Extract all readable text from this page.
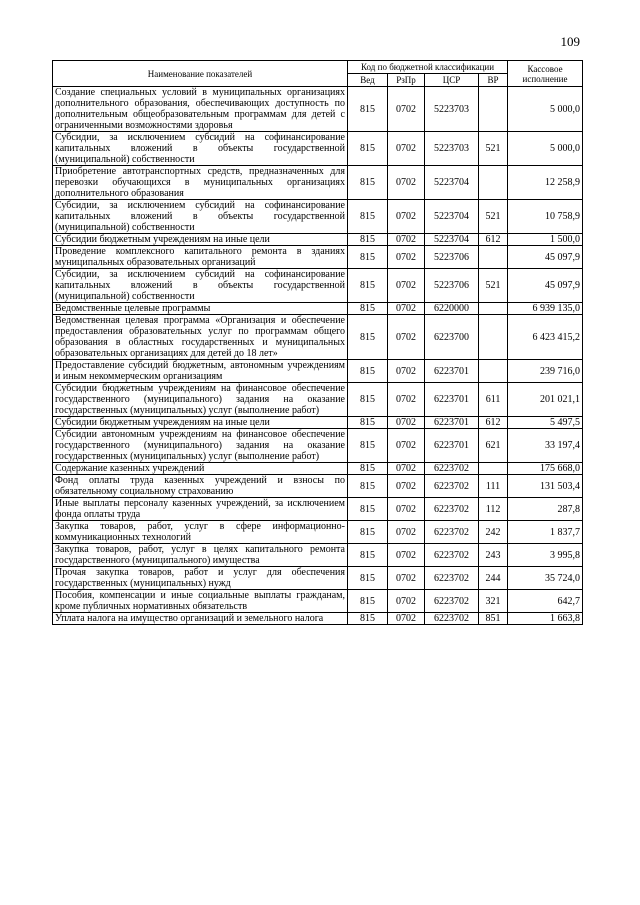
109
Наименование показателей	Код по бюджетной классификации				Кассовое исполнение
	Вед	РзПр	ЦСР	ВР	
Создание специальных условий в муниципальных организациях дополнительного образования, обеспечивающих доступность по дополнительным общеобразовательным программам для детей с ограниченными возможностями здоровья	815	0702	5223703		5 000,0
Субсидии, за исключением субсидий на софинансирование капитальных вложений в объекты государственной (муниципальной) собственности	815	0702	5223703	521	5 000,0
Приобретение автотранспортных средств, предназначенных для перевозки обучающихся в муниципальных организациях дополнительного образования	815	0702	5223704		12 258,9
Субсидии, за исключением субсидий на софинансирование капитальных вложений в объекты государственной (муниципальной) собственности	815	0702	5223704	521	10 758,9
Субсидии бюджетным учреждениям на иные цели	815	0702	5223704	612	1 500,0
Проведение комплексного капитального ремонта в зданиях муниципальных образовательных организаций	815	0702	5223706		45 097,9
Субсидии, за исключением субсидий на софинансирование капитальных вложений в объекты государственной (муниципальной) собственности	815	0702	5223706	521	45 097,9
Ведомственные целевые программы	815	0702	6220000		6 939 135,0
Ведомственная целевая программа «Организация и обеспечение предоставления образовательных услуг по программам общего образования в областных государственных и муниципальных образовательных организациях для детей до 18 лет»	815	0702	6223700		6 423 415,2
Предоставление субсидий бюджетным, автономным учреждениям и иным некоммерческим организациям	815	0702	6223701		239 716,0
Субсидии бюджетным учреждениям на финансовое обеспечение государственного (муниципального) задания на оказание государственных (муниципальных) услуг (выполнение работ)	815	0702	6223701	611	201 021,1
Субсидии бюджетным учреждениям на иные цели	815	0702	6223701	612	5 497,5
Субсидии автономным учреждениям на финансовое обеспечение государственного (муниципального) задания на оказание государственных (муниципальных) услуг (выполнение работ)	815	0702	6223701	621	33 197,4
Содержание казенных учреждений	815	0702	6223702		175 668,0
Фонд оплаты труда казенных учреждений и взносы по обязательному социальному страхованию	815	0702	6223702	111	131 503,4
Иные выплаты персоналу казенных учреждений, за исключением фонда оплаты труда	815	0702	6223702	112	287,8
Закупка товаров, работ, услуг в сфере информационно-коммуникационных технологий	815	0702	6223702	242	1 837,7
Закупка товаров, работ, услуг в целях капитального ремонта государственного (муниципального) имущества	815	0702	6223702	243	3 995,8
Прочая закупка товаров, работ и услуг для обеспечения государственных (муниципальных) нужд	815	0702	6223702	244	35 724,0
Пособия, компенсации и иные социальные выплаты гражданам, кроме публичных нормативных обязательств	815	0702	6223702	321	642,7
Уплата налога на имущество организаций и земельного налога	815	0702	6223702	851	1 663,8
